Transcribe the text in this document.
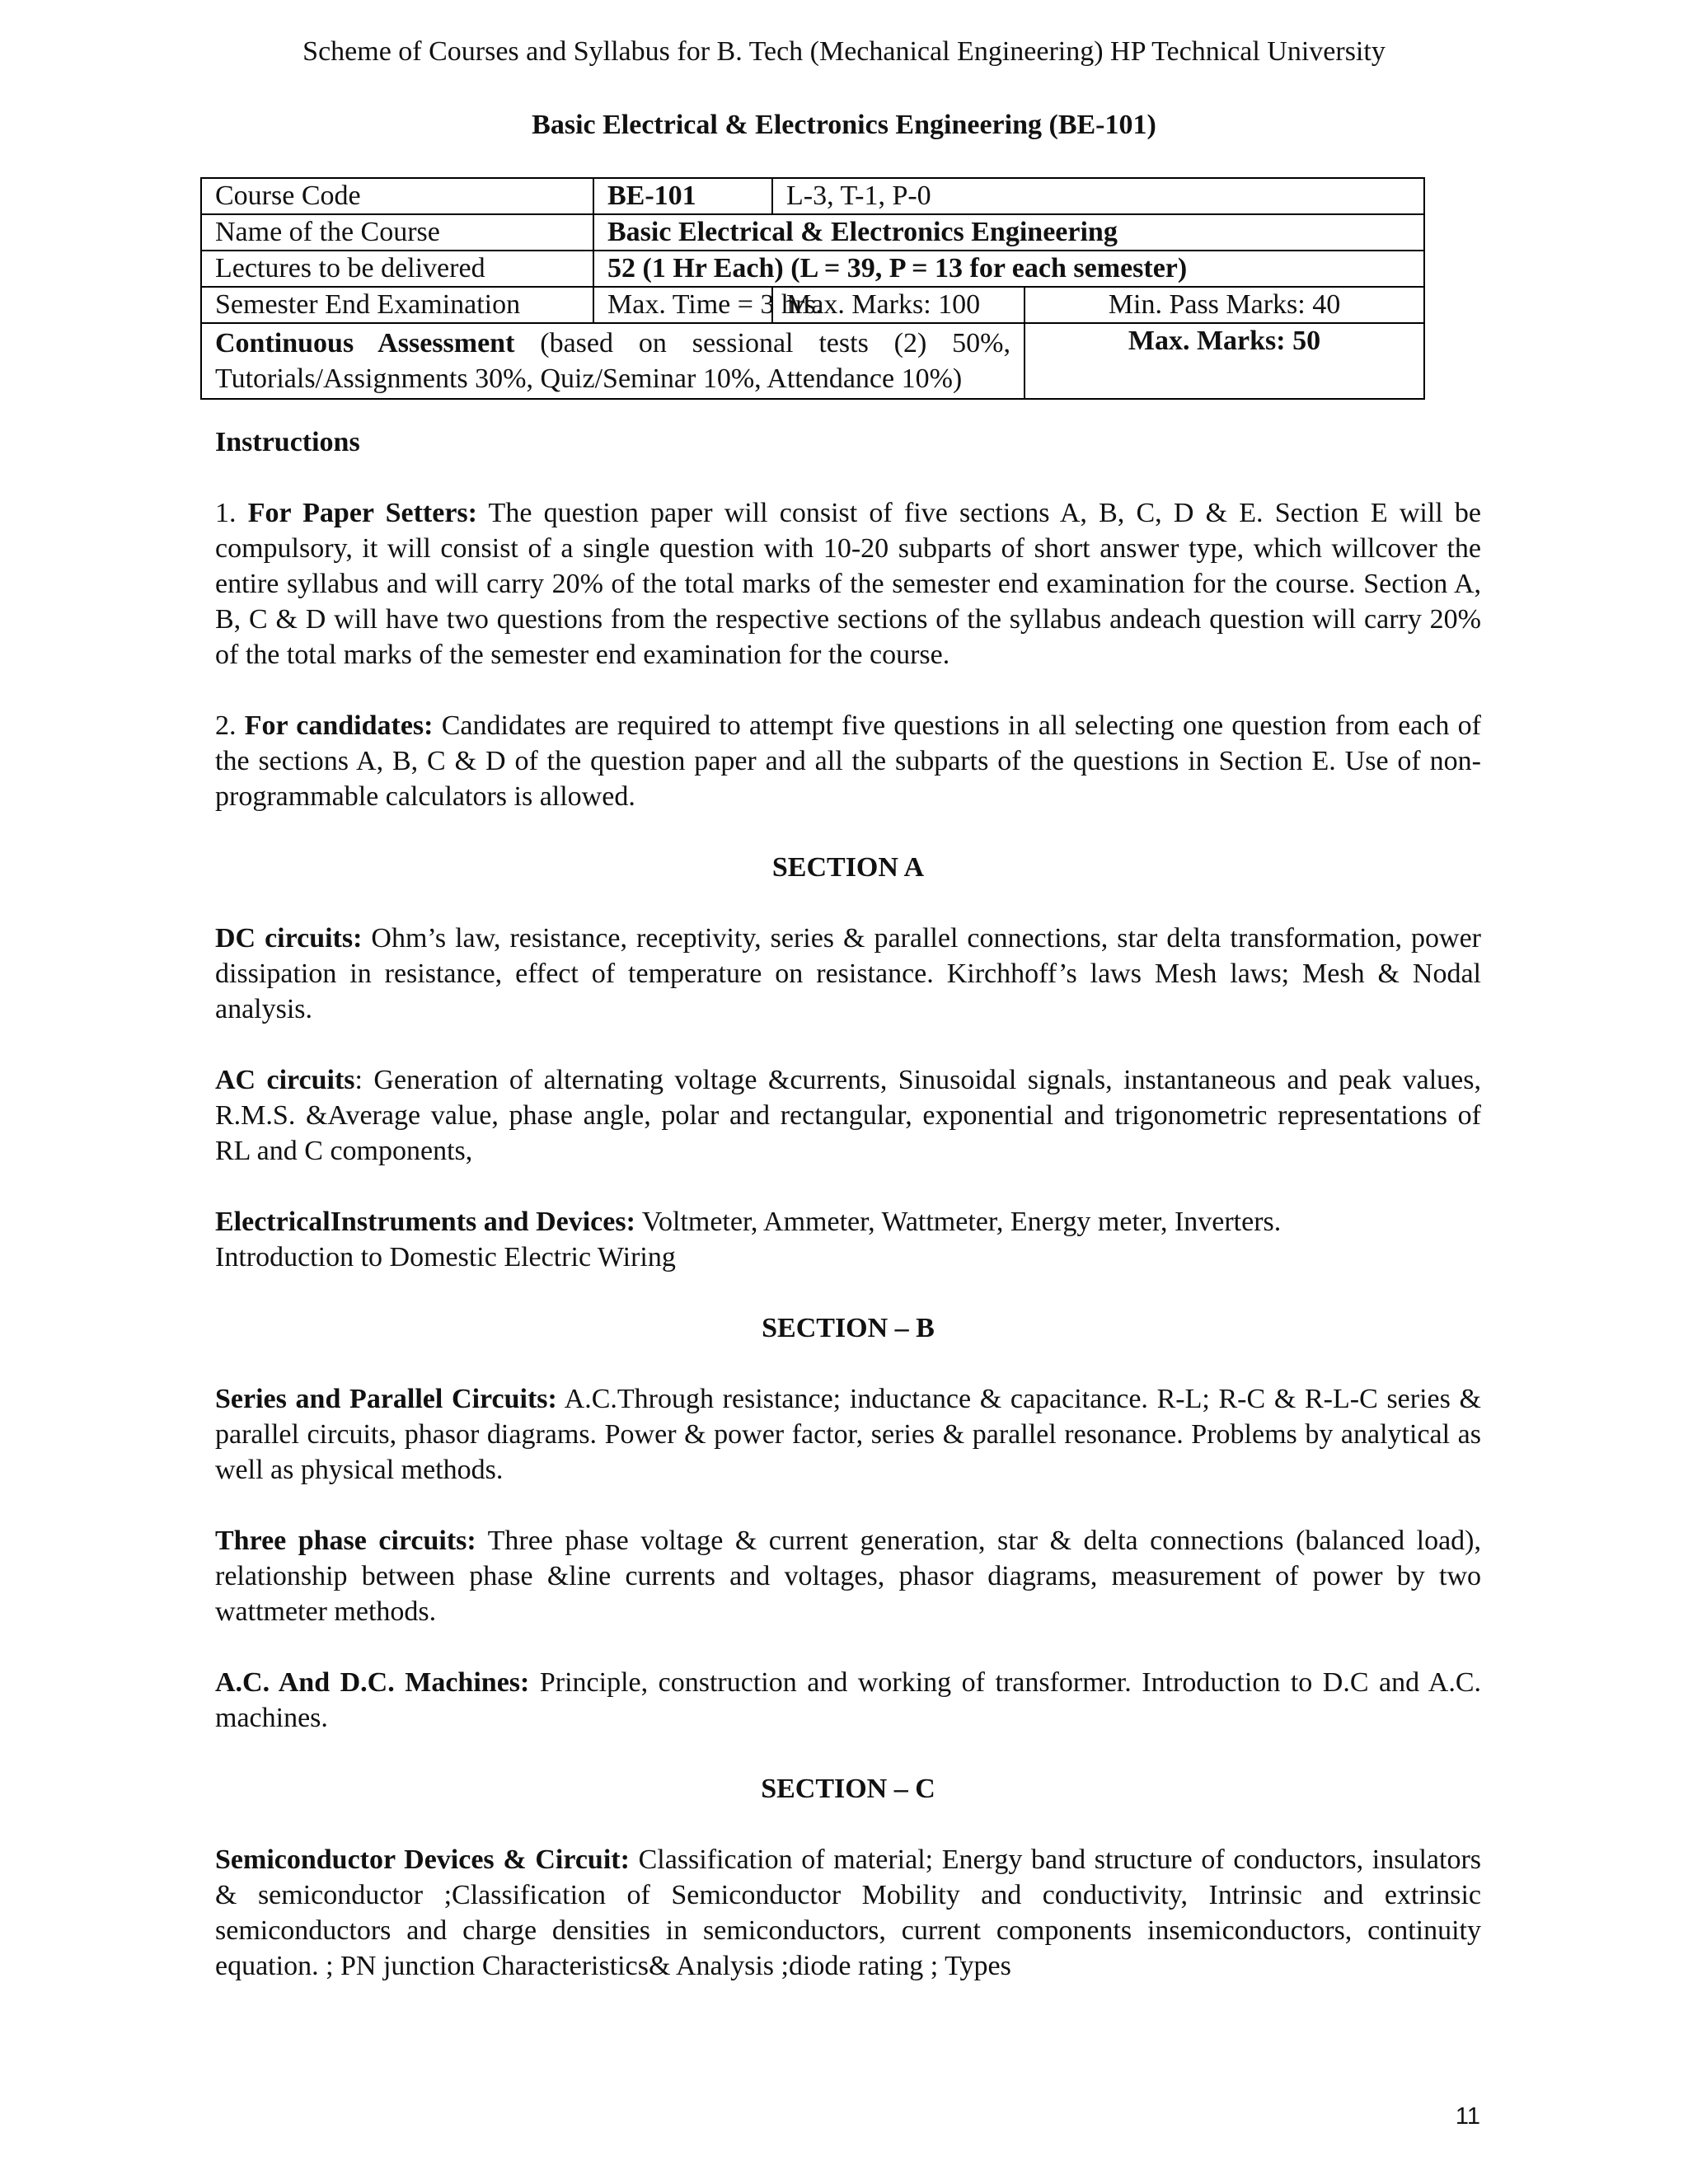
Scheme of Courses and Syllabus for B. Tech (Mechanical Engineering) HP Technical University
Basic Electrical & Electronics Engineering (BE-101)
Course Code	BE-101	L-3, T-1, P-0	
Name of the Course	Basic Electrical & Electronics Engineering		
Lectures to be delivered	52 (1 Hr Each) (L = 39, P = 13 for each semester)		
Semester End Examination	Max. Time = 3 hrs.	Max. Marks: 100	Min. Pass Marks: 40
Continuous Assessment (based on sessional tests (2) 50%, Tutorials/Assignments 30%, Quiz/Seminar 10%, Attendance 10%)			Max. Marks: 50
Instructions

1. For Paper Setters: The question paper will consist of five sections A, B, C, D & E. Section E will be compulsory, it will consist of a single question with 10-20 subparts of short answer type, which willcover the entire syllabus and will carry 20% of the total marks of the semester end examination for the course. Section A, B, C & D will have two questions from the respective sections of the syllabus andeach question will carry 20% of the total marks of the semester end examination for the course.

2. For candidates: Candidates are required to attempt five questions in all selecting one question from each of the sections A, B, C & D of the question paper and all the subparts of the questions in Section E. Use of non-programmable calculators is allowed.

SECTION A

DC circuits: Ohm’s law, resistance, receptivity, series & parallel connections, star delta transformation, power dissipation in resistance, effect of temperature on resistance. Kirchhoff’s laws Mesh laws; Mesh & Nodal analysis.

AC circuits: Generation of alternating voltage &currents, Sinusoidal signals, instantaneous and peak values, R.M.S. &Average value, phase angle, polar and rectangular, exponential and trigonometric representations of RL and C components,

ElectricalInstruments and Devices: Voltmeter, Ammeter, Wattmeter, Energy meter, Inverters.
Introduction to Domestic Electric Wiring

SECTION – B

Series and Parallel Circuits: A.C.Through resistance; inductance & capacitance. R-L; R-C & R-L-C series & parallel circuits, phasor diagrams. Power & power factor, series & parallel resonance. Problems by analytical as well as physical methods.

Three phase circuits: Three phase voltage & current generation, star & delta connections (balanced load), relationship between phase &line currents and voltages, phasor diagrams, measurement of power by two wattmeter methods.

A.C. And D.C. Machines: Principle, construction and working of transformer. Introduction to D.C and A.C. machines.

SECTION – C

Semiconductor Devices & Circuit: Classification of material; Energy band structure of conductors, insulators & semiconductor ;Classification of Semiconductor Mobility and conductivity, Intrinsic and extrinsic semiconductors and charge densities in semiconductors, current components insemiconductors, continuity equation. ; PN junction Characteristics& Analysis ;diode rating ; Types

11
